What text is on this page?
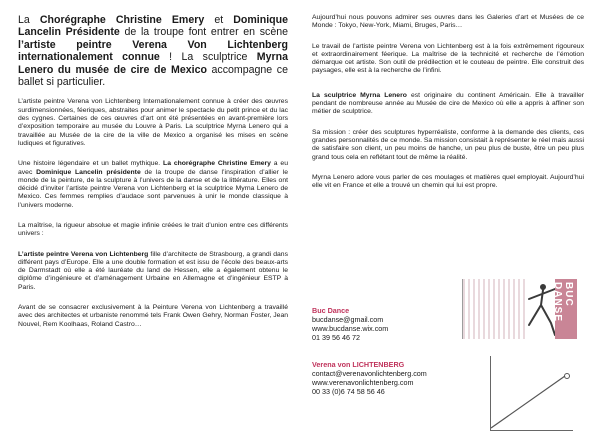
La Chorégraphe Christine Emery et Dominique Lancelin Présidente de la troupe font entrer en scène l’artiste peintre Verena Von Lichtenberg internationalement connue ! La sculptrice Myrna Lenero du musée de cire de Mexico accompagne ce ballet si particulier.

L’artiste peintre Verena von Lichtenberg Internationalement connue à créer des œuvres surdimensionnées, féeriques, abstraites pour animer le spectacle du petit prince et du lac des cygnes. Certaines de ces œuvres d’art ont été présentées en avant-première lors d’exposition temporaire au musée du Louvre à Paris. La sculptrice Myrna Lenero qui a travaillée au Musée de la cire de la ville de Mexico a organisé les mises en scène ludiques et figuratives.

Une histoire légendaire et un ballet mythique. La chorégraphe Christine Emery a eu avec Dominique Lancelin présidente de la troupe de danse l’inspiration d’allier le monde de la peinture, de la sculpture à l’univers de la danse et de la littérature. Elles ont décidé d’inviter l’artiste peintre Verena von Lichtenberg et la sculptrice Myrna Lenero de Mexico. Ces femmes remplies d’audace sont parvenues à unir le monde classique à l’univers moderne.

La maîtrise, la rigueur absolue et magie infinie créées le trait d’union entre ces différents univers :

L’artiste peintre Verena von Lichtenberg fille d’architecte de Strasbourg, a grandi dans différent pays d’Europe. Elle a une double formation et est issu de l’école des beaux-arts de Darmstadt où elle a été lauréate du land de Hessen, elle a également obtenu le diplôme d’ingénieure et d’aménagement Urbaine en Allemagne et d’ingénieur ESTP à Paris.

Avant de se consacrer exclusivement à la Peinture Verena von Lichtenberg a travaillé avec des architectes et urbaniste renommé tels Frank Owen Gehry, Norman Foster, Jean Nouvel, Rem Koolhaas, Roland Castro…

Aujourd’hui nous pouvons admirer ses ouvres dans les Galeries d’art et Musées de ce Monde : Tokyo, New-York, Miami, Bruges, Paris…

Le travail de l’artiste peintre Verena von Lichtenberg est à la fois extrêmement rigoureux et extraordinairement féerique. La maîtrise de la technicité et recherche de l’émotion démarque cet artiste. Son outil de prédilection et le couteau de peintre. Elle construit des paysages, elle est à la recherche de l’infini.

La sculptrice Myrna Lenero est originaire du continent Américain. Elle à travailler pendant de nombreuse année au Musée de cire de Mexico où elle a appris à affiner son métier de sculptrice.

Sa mission : créer des sculptures hyperréaliste, conforme à la demande des clients, ces grandes personnalités de ce monde. Sa mission consistait à représenter le réel mais aussi de satisfaire son client, un peu moins de hanche, un peu plus de buste, être un peu plus grand tous cela en reflétant tout de même la réalité.

Myrna Lenero adore vous parler de ces moulages et matières quel employait. Aujourd’hui elle vit en France et elle a trouvé un chemin qui lui est propre.

Buc Dance
bucdanse@gmail.com
www.bucdanse.wix.com
01 39 56 46 72
Verena von LICHTENBERG
contact@verenavonlichtenberg.com
www.verenavonlichtenberg.com
00 33 (0)6 74 58 56 46
BUC DANSE
